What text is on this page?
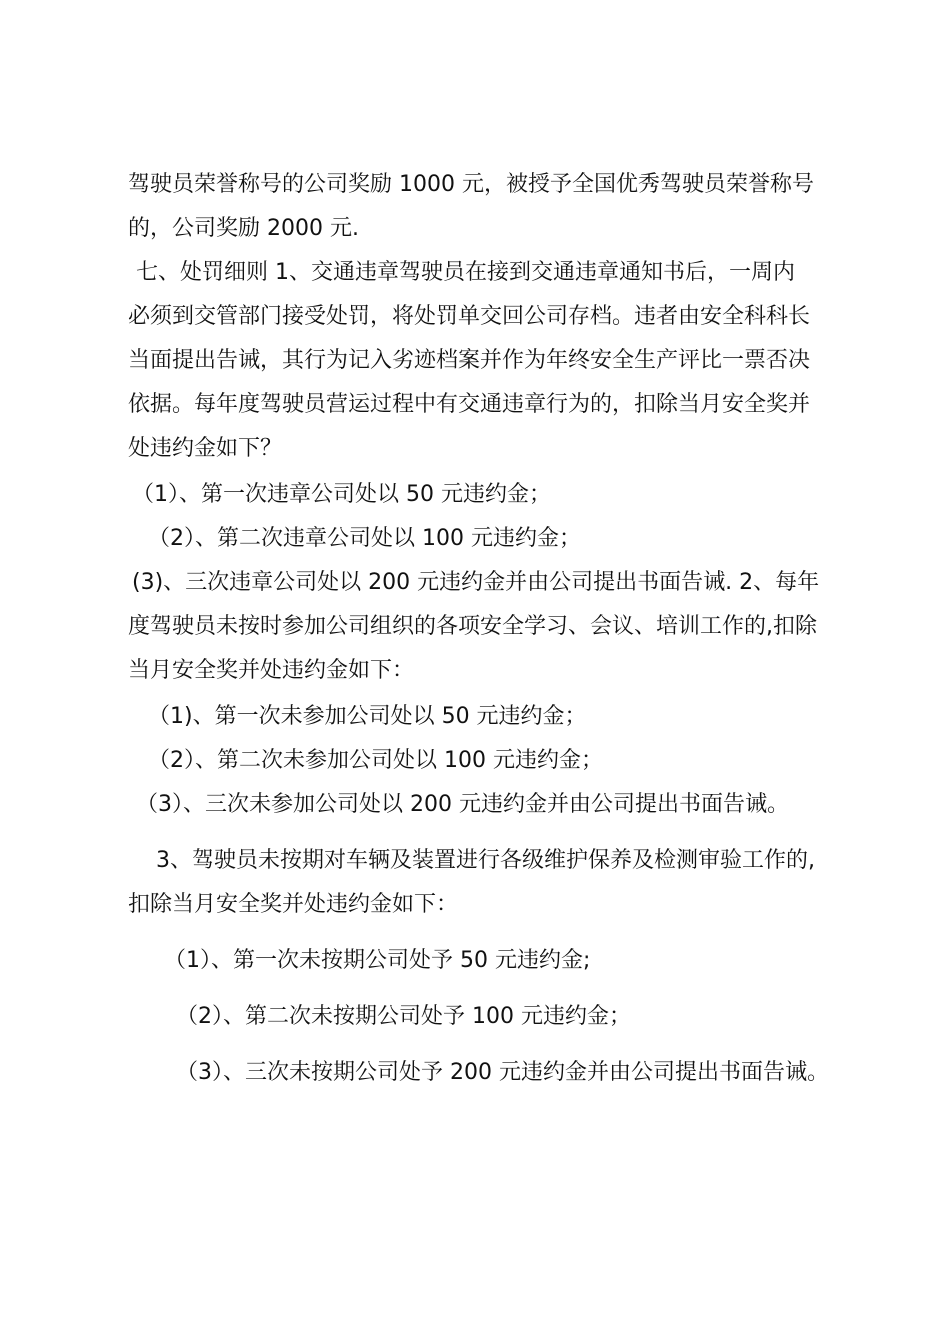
驾驶员荣誉称号的公司奖励 1000 元，被授予全国优秀驾驶员荣誉称号
的，公司奖励 2000 元.
七、处罚细则 1、交通违章驾驶员在接到交通违章通知书后，一周内
必须到交管部门接受处罚，将处罚单交回公司存档。违者由安全科科长
当面提出告诫，其行为记入劣迹档案并作为年终安全生产评比一票否决
依据。每年度驾驶员营运过程中有交通违章行为的，扣除当月安全奖并
处违约金如下？
（1）、第一次违章公司处以 50 元违约金；
（2）、第二次违章公司处以 100 元违约金；
(3)、三次违章公司处以 200 元违约金并由公司提出书面告诫. 2、每年
度驾驶员未按时参加公司组织的各项安全学习、会议、培训工作的,扣除
当月安全奖并处违约金如下：
（1)、第一次未参加公司处以 50 元违约金；
（2）、第二次未参加公司处以 100 元违约金；
（3）、三次未参加公司处以 200 元违约金并由公司提出书面告诫。
3、驾驶员未按期对车辆及装置进行各级维护保养及检测审验工作的,
扣除当月安全奖并处违约金如下：
（1）、第一次未按期公司处予 50 元违约金;
（2）、第二次未按期公司处予 100 元违约金；
（3）、三次未按期公司处予 200 元违约金并由公司提出书面告诫。
